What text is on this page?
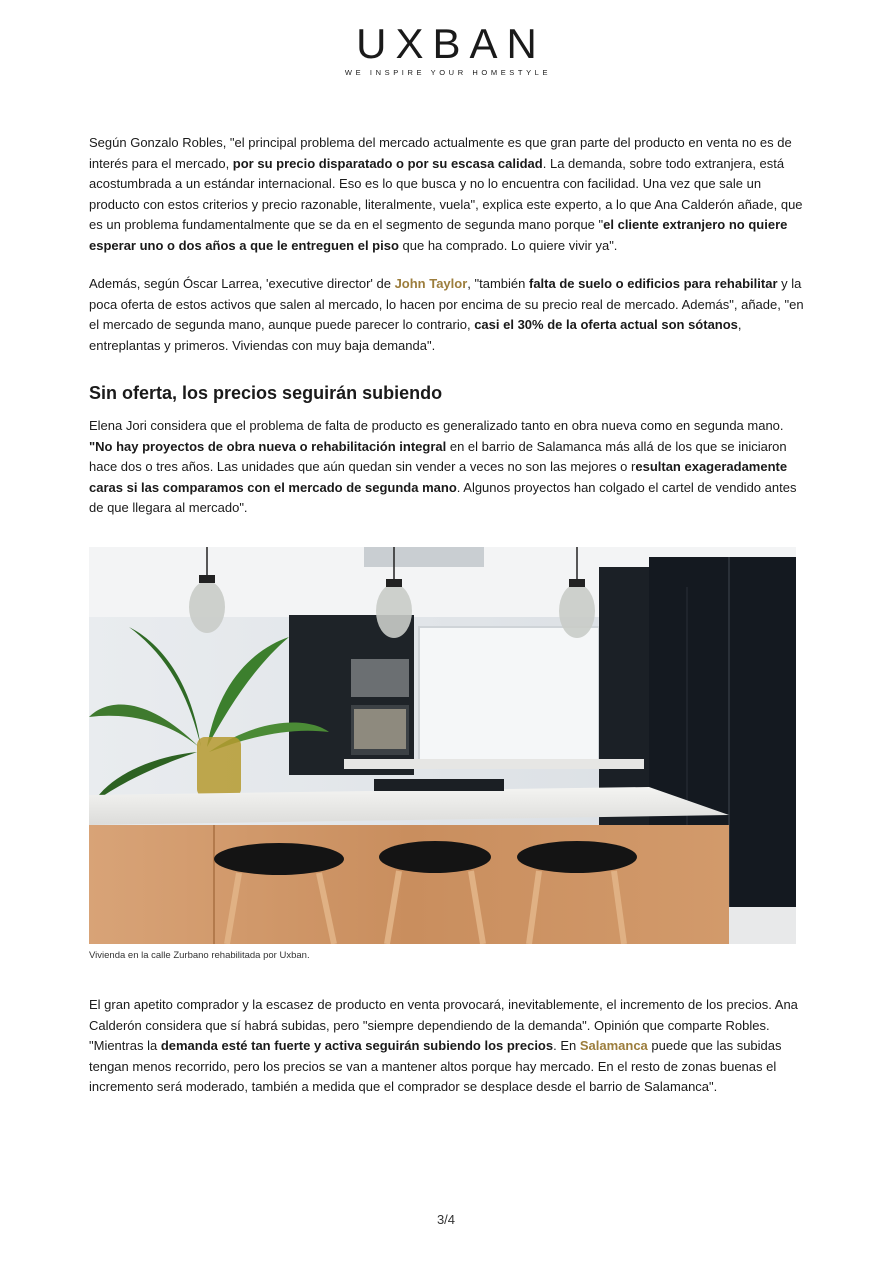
UXBAN
WE INSPIRE YOUR HOMESTYLE

Según Gonzalo Robles, "el principal problema del mercado actualmente es que gran parte del producto en venta no es de interés para el mercado, por su precio disparatado o por su escasa calidad. La demanda, sobre todo extranjera, está acostumbrada a un estándar internacional. Eso es lo que busca y no lo encuentra con facilidad. Una vez que sale un producto con estos criterios y precio razonable, literalmente, vuela", explica este experto, a lo que Ana Calderón añade, que es un problema fundamentalmente que se da en el segmento de segunda mano porque "el cliente extranjero no quiere esperar uno o dos años a que le entreguen el piso que ha comprado. Lo quiere vivir ya".

Además, según Óscar Larrea, 'executive director' de John Taylor, "también falta de suelo o edificios para rehabilitar y la poca oferta de estos activos que salen al mercado, lo hacen por encima de su precio real de mercado. Además", añade, "en el mercado de segunda mano, aunque puede parecer lo contrario, casi el 30% de la oferta actual son sótanos, entreplantas y primeros. Viviendas con muy baja demanda".

Sin oferta, los precios seguirán subiendo

Elena Jori considera que el problema de falta de producto es generalizado tanto en obra nueva como en segunda mano. "No hay proyectos de obra nueva o rehabilitación integral en el barrio de Salamanca más allá de los que se iniciaron hace dos o tres años. Las unidades que aún quedan sin vender a veces no son las mejores o resultan exageradamente caras si las comparamos con el mercado de segunda mano. Algunos proyectos han colgado el cartel de vendido antes de que llegara al mercado".

Vivienda en la calle Zurbano rehabilitada por Uxban.

El gran apetito comprador y la escasez de producto en venta provocará, inevitablemente, el incremento de los precios. Ana Calderón considera que sí habrá subidas, pero "siempre dependiendo de la demanda". Opinión que comparte Robles. "Mientras la demanda esté tan fuerte y activa seguirán subiendo los precios. En Salamanca puede que las subidas tengan menos recorrido, pero los precios se van a mantener altos porque hay mercado. En el resto de zonas buenas el incremento será moderado, también a medida que el comprador se desplace desde el barrio de Salamanca".

3/4
